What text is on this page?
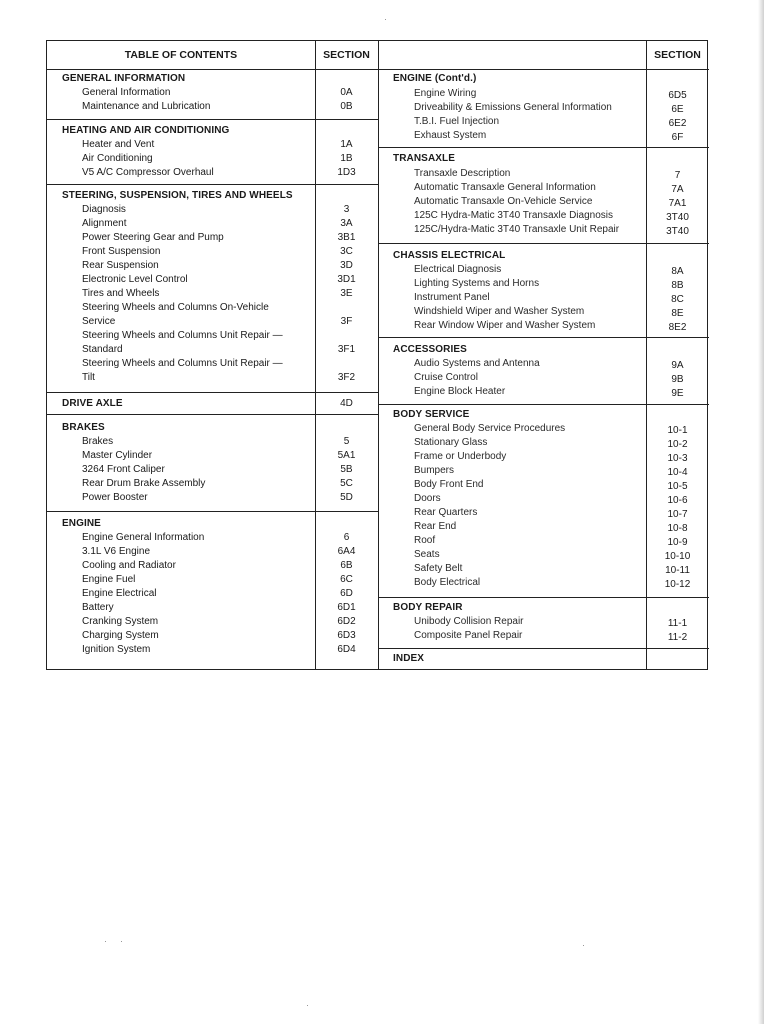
TABLE OF CONTENTS	SECTION
GENERAL INFORMATION
General Information	0A
Maintenance and Lubrication	0B
HEATING AND AIR CONDITIONING
Heater and Vent	1A
Air Conditioning	1B
V5 A/C Compressor Overhaul	1D3
STEERING, SUSPENSION, TIRES AND WHEELS
Diagnosis	3
Alignment	3A
Power Steering Gear and Pump	3B1
Front Suspension	3C
Rear Suspension	3D
Electronic Level Control	3D1
Tires and Wheels	3E
Steering Wheels and Columns On-Vehicle
Service	3F
Steering Wheels and Columns Unit Repair —
Standard	3F1
Steering Wheels and Columns Unit Repair —
Tilt	3F2
DRIVE AXLE	4D
BRAKES
Brakes	5
Master Cylinder	5A1
3264 Front Caliper	5B
Rear Drum Brake Assembly	5C
Power Booster	5D
ENGINE
Engine General Information	6
3.1L V6 Engine	6A4
Cooling and Radiator	6B
Engine Fuel	6C
Engine Electrical	6D
Battery	6D1
Cranking System	6D2
Charging System	6D3
Ignition System	6D4
SECTION
ENGINE (Cont'd.)
Engine Wiring	6D5
Driveability & Emissions General Information	6E
T.B.I. Fuel Injection	6E2
Exhaust System	6F
TRANSAXLE
Transaxle Description	7
Automatic Transaxle General Information	7A
Automatic Transaxle On-Vehicle Service	7A1
125C Hydra-Matic 3T40 Transaxle Diagnosis	3T40
125C/Hydra-Matic 3T40 Transaxle Unit Repair	3T40
CHASSIS ELECTRICAL
Electrical Diagnosis	8A
Lighting Systems and Horns	8B
Instrument Panel	8C
Windshield Wiper and Washer System	8E
Rear Window Wiper and Washer System	8E2
ACCESSORIES
Audio Systems and Antenna	9A
Cruise Control	9B
Engine Block Heater	9E
BODY SERVICE
General Body Service Procedures	10-1
Stationary Glass	10-2
Frame or Underbody	10-3
Bumpers	10-4
Body Front End	10-5
Doors	10-6
Rear Quarters	10-7
Rear End	10-8
Roof	10-9
Seats	10-10
Safety Belt	10-11
Body Electrical	10-12
BODY REPAIR
Unibody Collision Repair	11-1
Composite Panel Repair	11-2
INDEX
·
· ·	·
·
